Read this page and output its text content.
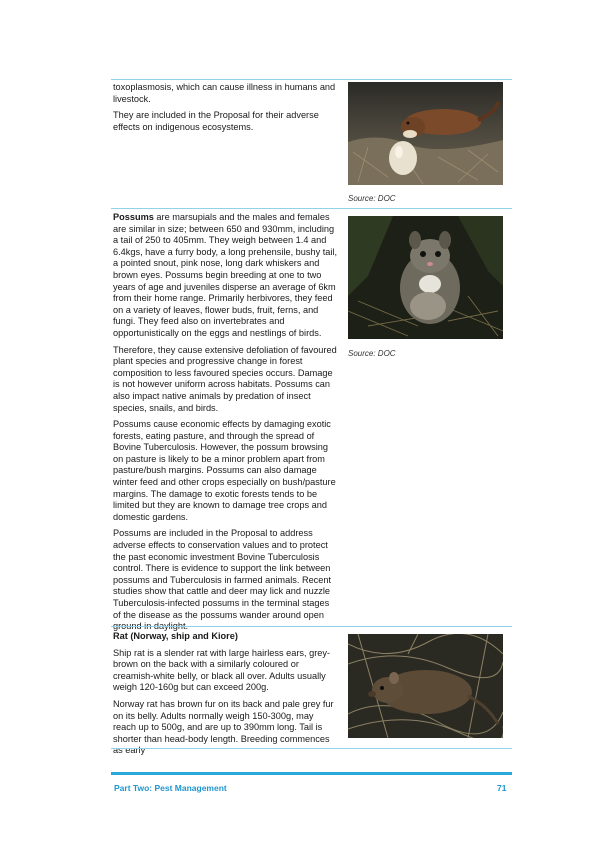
toxoplasmosis, which can cause illness in humans and livestock.

They are included in the Proposal for their adverse effects on indigenous ecosystems.

Source: DOC

Possums are marsupials and the males and females are similar in size; between 650 and 930mm, including a tail of 250 to 405mm. They weigh between 1.4 and 6.4kgs, have a furry body, a long prehensile, bushy tail, a pointed snout, pink nose, long dark whiskers and brown eyes. Possums begin breeding at one to two years of age and juveniles disperse an average of 6km from their home range. Primarily herbivores, they feed on a variety of leaves, flower buds, fruit, ferns, and fungi. They feed also on invertebrates and opportunistically on the eggs and nestlings of birds.

Therefore, they cause extensive defoliation of favoured plant species and progressive change in forest composition to less favoured species occurs. Damage is not however uniform across habitats. Possums can also impact native animals by predation of insect species, snails, and birds.

Possums cause economic effects by damaging exotic forests, eating pasture, and through the spread of Bovine Tuberculosis. However, the possum browsing on pasture is likely to be a minor problem apart from pasture/bush margins. Possums can also damage winter feed and other crops especially on bush/pasture margins. The damage to exotic forests tends to be limited but they are known to damage tree crops and domestic gardens.

Possums are included in the Proposal to address adverse effects to conservation values and to protect the past economic investment Bovine Tuberculosis control. There is evidence to support the link between possums and Tuberculosis in farmed animals. Recent studies show that cattle and deer may lick and nuzzle Tuberculosis-infected possums in the terminal stages of the disease as the possums wander around open ground in daylight.

Source: DOC

Rat (Norway, ship and Kiore)

Ship rat is a slender rat with large hairless ears, grey-brown on the back with a similarly coloured or creamish-white belly, or black all over. Adults usually weigh 120-160g but can exceed 200g.

Norway rat has brown fur on its back and pale grey fur on its belly. Adults normally weigh 150-300g, may reach up to 500g, and are up to 390mm long. Tail is shorter than head-body length. Breeding commences as early

Part Two: Pest Management	71
